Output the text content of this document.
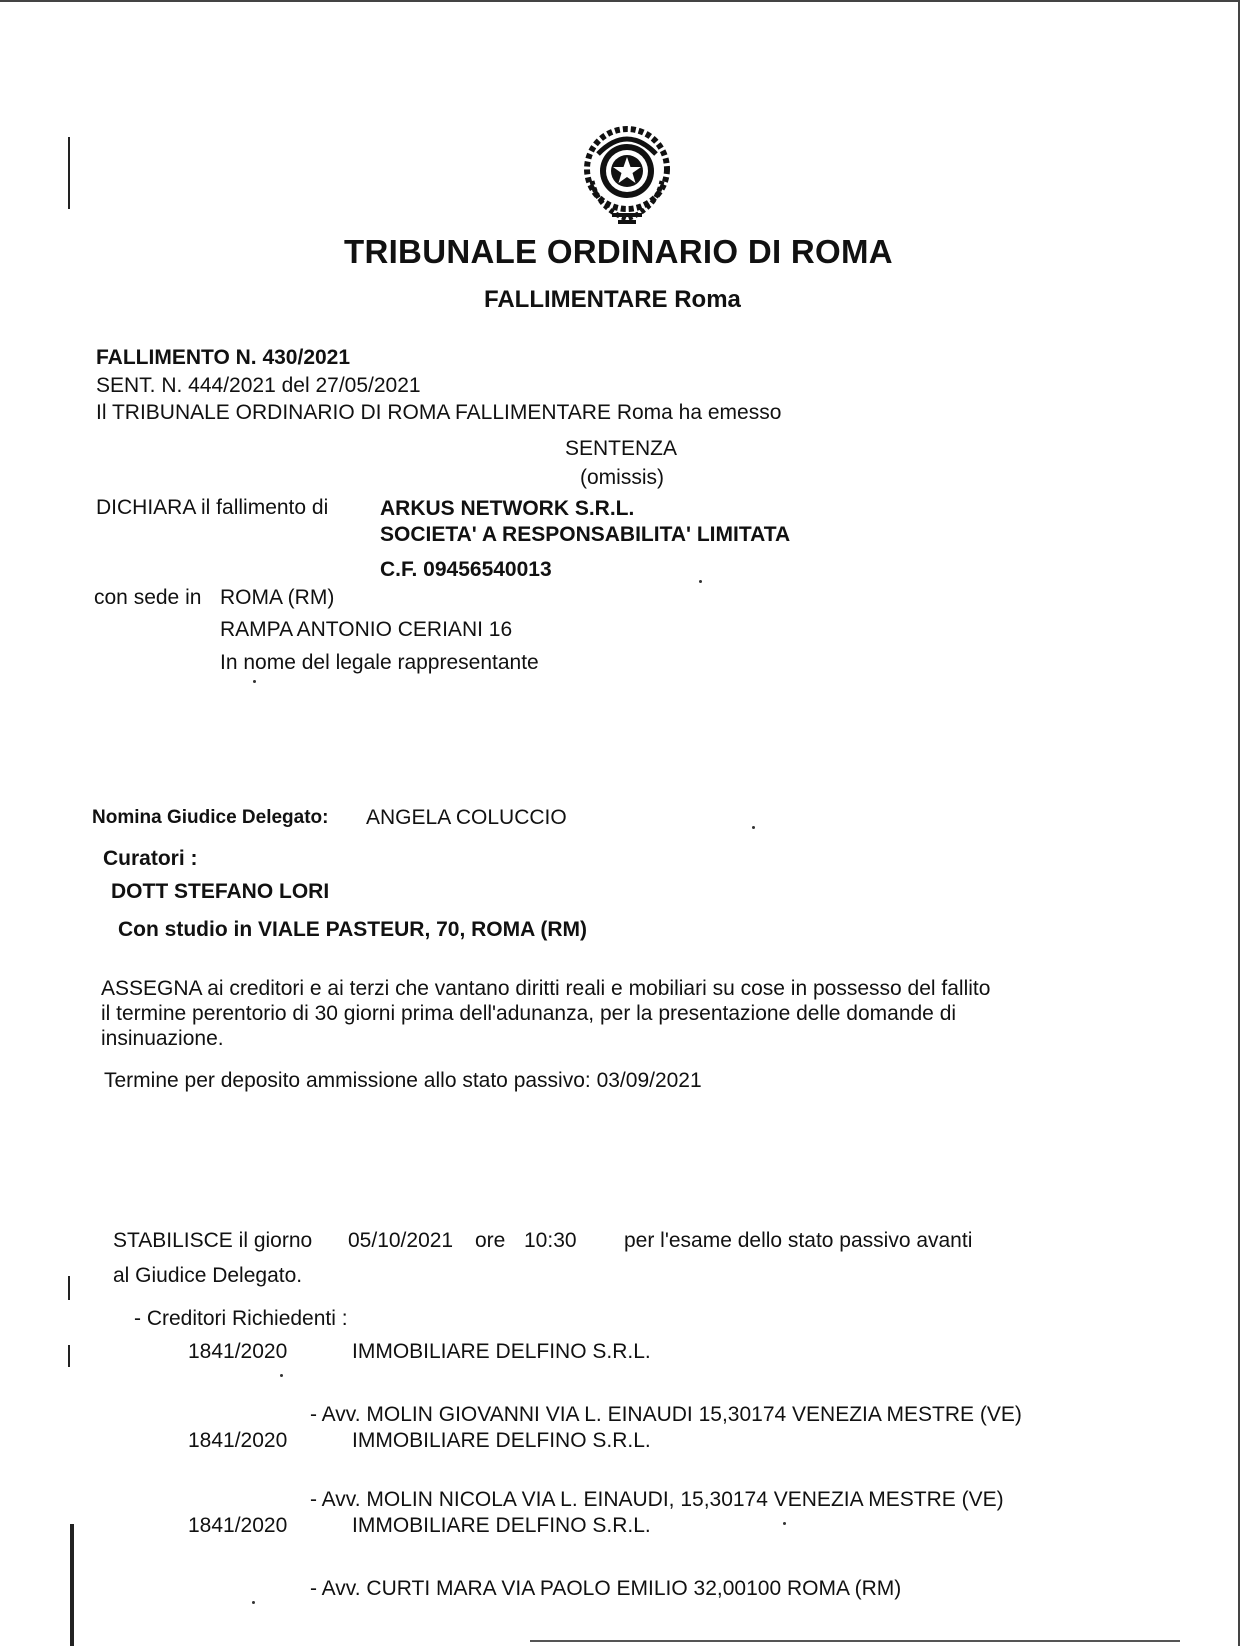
TRIBUNALE ORDINARIO DI ROMA
FALLIMENTARE Roma
FALLIMENTO N. 430/2021
SENT. N. 444/2021 del 27/05/2021
Il TRIBUNALE ORDINARIO DI ROMA FALLIMENTARE Roma ha emesso
SENTENZA
(omissis)
DICHIARA il fallimento di ARKUS NETWORK S.R.L.
SOCIETA' A RESPONSABILITA' LIMITATA
C.F. 09456540013
con sede in ROMA (RM)
RAMPA ANTONIO CERIANI 16
In nome del legale rappresentante
Nomina Giudice Delegato: ANGELA COLUCCIO
Curatori :
DOTT STEFANO LORI
Con studio in VIALE PASTEUR, 70, ROMA (RM)
ASSEGNA ai creditori e ai terzi che vantano diritti reali e mobiliari su cose in possesso del fallito
il termine perentorio di 30 giorni prima dell'adunanza, per la presentazione delle domande di
insinuazione.
Termine per deposito ammissione allo stato passivo: 03/09/2021
STABILISCE il giorno 05/10/2021 ore 10:30 per l'esame dello stato passivo avanti
al Giudice Delegato.
- Creditori Richiedenti :
1841/2020	IMMOBILIARE DELFINO S.R.L.
- Avv. MOLIN GIOVANNI VIA L. EINAUDI 15,30174 VENEZIA MESTRE (VE)
1841/2020	IMMOBILIARE DELFINO S.R.L.
- Avv. MOLIN NICOLA VIA L. EINAUDI, 15,30174 VENEZIA MESTRE (VE)
1841/2020	IMMOBILIARE DELFINO S.R.L.
- Avv. CURTI MARA VIA PAOLO EMILIO 32,00100 ROMA (RM)
